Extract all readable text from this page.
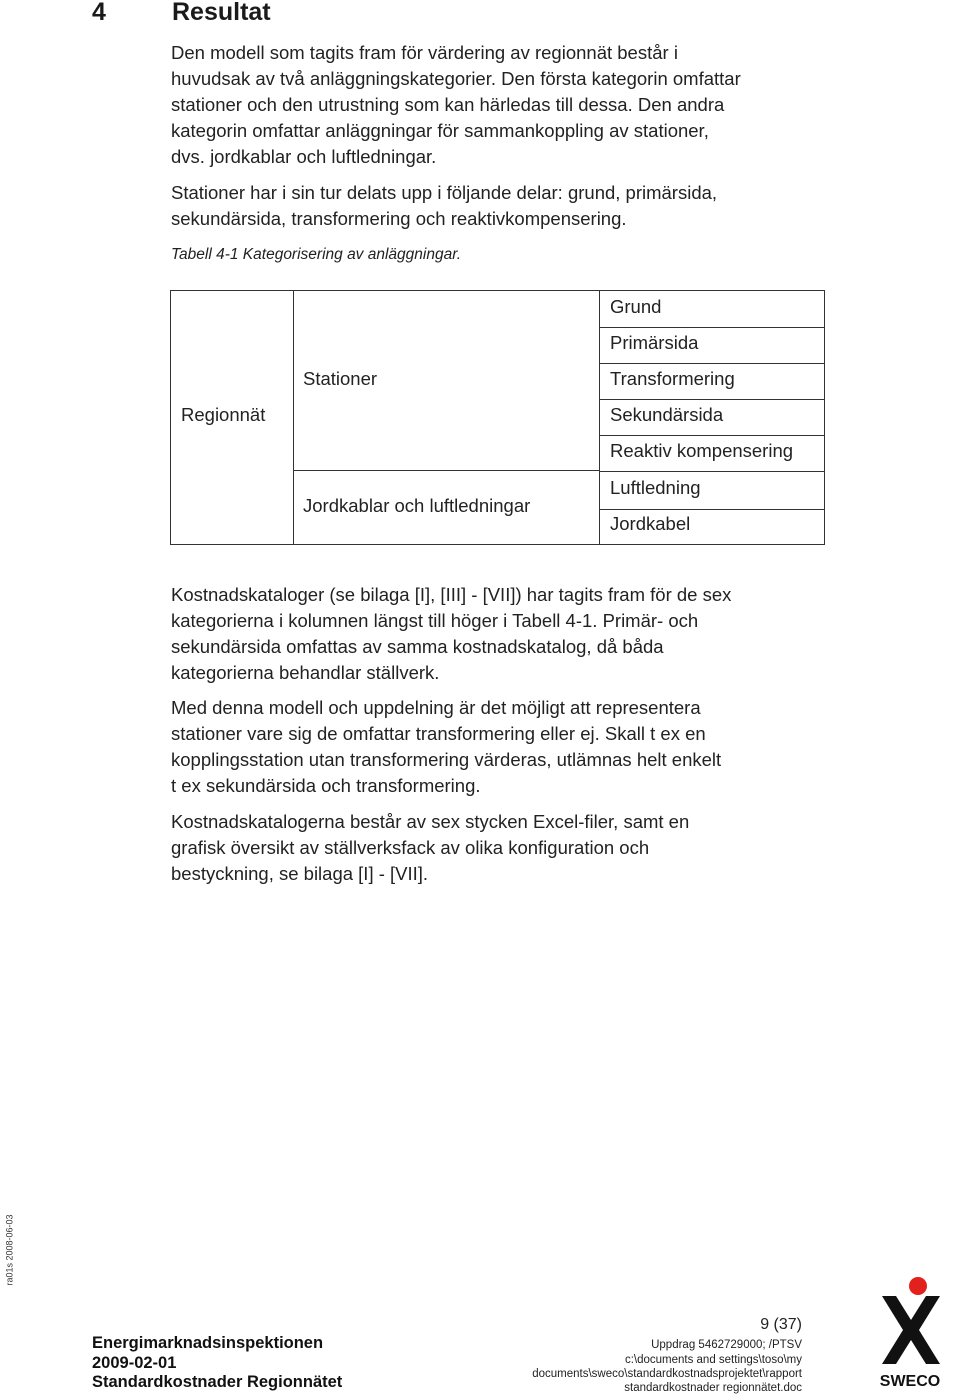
4	Resultat

Den modell som tagits fram för värdering av regionnät består i

huvudsak av två anläggningskategorier. Den första kategorin omfattar

stationer och den utrustning som kan härledas till dessa. Den andra

kategorin omfattar anläggningar för sammankoppling av stationer,

dvs. jordkablar och luftledningar.

Stationer har i sin tur delats upp i följande delar: grund, primärsida,

sekundärsida, transformering och reaktivkompensering.

Tabell 4-1 Kategorisering av anläggningar.
Regionnät
Stationer
Jordkablar och luftledningar
Grund
Primärsida
Transformering
Sekundärsida
Reaktiv kompensering
Luftledning
Jordkabel

Kostnadskataloger (se bilaga [I], [III] - [VII]) har tagits fram för de sex

kategorierna i kolumnen längst till höger i Tabell 4-1. Primär- och

sekundärsida omfattas av samma kostnadskatalog, då båda

kategorierna behandlar ställverk.

Med denna modell och uppdelning är det möjligt att representera

stationer vare sig de omfattar transformering eller ej. Skall t ex en

kopplingsstation utan transformering värderas, utlämnas helt enkelt

t ex sekundärsida och transformering.

Kostnadskatalogerna består av sex stycken Excel-filer, samt en

grafisk översikt av ställverksfack av olika konfiguration och

bestyckning, se bilaga [I] - [VII].

ra01s 2008-06-03
9 (37)
Energimarknadsinspektionen
2009-02-01
Standardkostnader Regionnätet
Uppdrag 5462729000; /PTSV
c:\documents and settings\toso\my
documents\sweco\standardkostnadsprojektet\rapport
standardkostnader regionnätet.doc	SWECO
